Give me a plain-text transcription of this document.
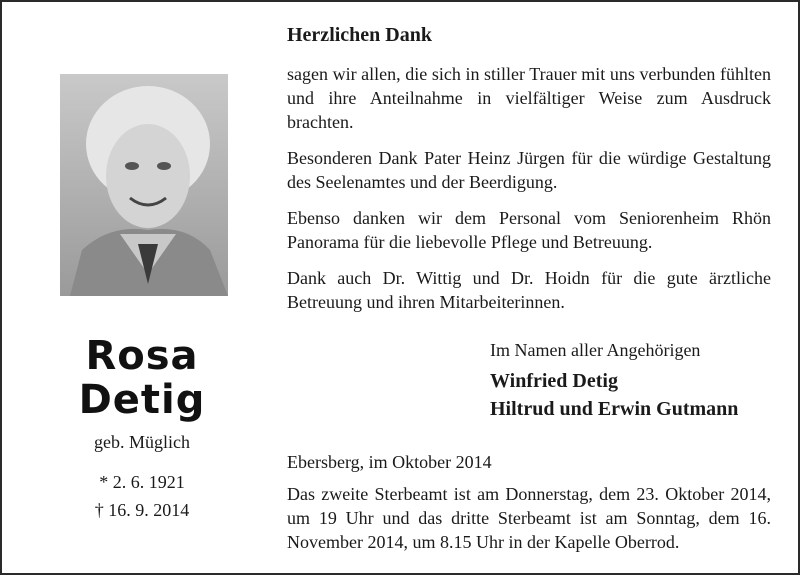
Rosa
Detig
geb. Müglich
* 2. 6. 1921
† 16. 9. 2014
Herzlichen Dank

sagen wir allen, die sich in stiller Trauer mit uns verbunden fühlten und ihre Anteilnahme in vielfältiger Weise zum Ausdruck brachten.

Besonderen Dank Pater Heinz Jürgen für die würdige Gestaltung des Seelenamtes und der Beerdigung.

Ebenso danken wir dem Personal vom Seniorenheim Rhön Panorama für die liebevolle Pflege und Betreuung.

Dank auch Dr. Wittig und Dr. Hoidn für die gute ärztliche Betreuung und ihren Mitarbeiterinnen.

Im Namen aller Angehörigen
Winfried Detig
Hiltrud und Erwin Gutmann
Ebersberg, im Oktober 2014

Das zweite Sterbeamt ist am Donnerstag, dem 23. Oktober 2014, um 19 Uhr und das dritte Sterbeamt ist am Sonntag, dem 16. November 2014, um 8.15 Uhr in der Kapelle Oberrod.
